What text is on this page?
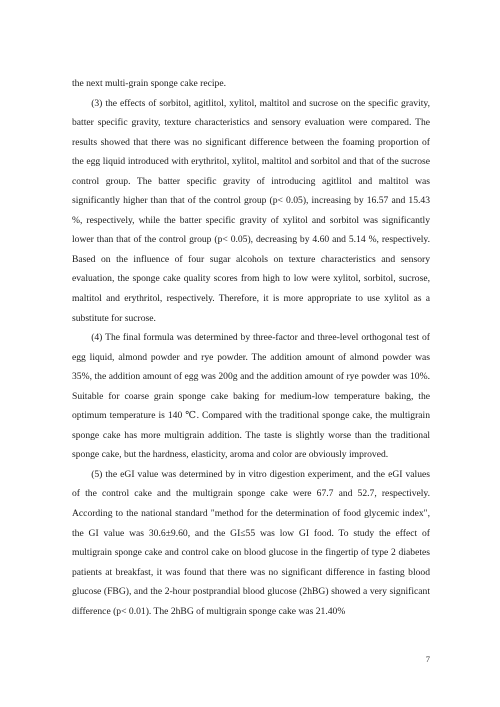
the next multi-grain sponge cake recipe.

(3) the effects of sorbitol, agitlitol, xylitol, maltitol and sucrose on the specific gravity, batter specific gravity, texture characteristics and sensory evaluation were compared. The results showed that there was no significant difference between the foaming proportion of the egg liquid introduced with erythritol, xylitol, maltitol and sorbitol and that of the sucrose control group. The batter specific gravity of introducing agitlitol and maltitol was significantly higher than that of the control group (p< 0.05), increasing by 16.57 and 15.43 %, respectively, while the batter specific gravity of xylitol and sorbitol was significantly lower than that of the control group (p< 0.05), decreasing by 4.60 and 5.14 %, respectively. Based on the influence of four sugar alcohols on texture characteristics and sensory evaluation, the sponge cake quality scores from high to low were xylitol, sorbitol, sucrose, maltitol and erythritol, respectively. Therefore, it is more appropriate to use xylitol as a substitute for sucrose.

(4) The final formula was determined by three-factor and three-level orthogonal test of egg liquid, almond powder and rye powder. The addition amount of almond powder was 35%, the addition amount of egg was 200g and the addition amount of rye powder was 10%. Suitable for coarse grain sponge cake baking for medium-low temperature baking, the optimum temperature is 140 ℃. Compared with the traditional sponge cake, the multigrain sponge cake has more multigrain addition. The taste is slightly worse than the traditional sponge cake, but the hardness, elasticity, aroma and color are obviously improved.

(5) the eGI value was determined by in vitro digestion experiment, and the eGI values of the control cake and the multigrain sponge cake were 67.7 and 52.7, respectively. According to the national standard "method for the determination of food glycemic index", the GI value was 30.6±9.60, and the GI≤55 was low GI food. To study the effect of multigrain sponge cake and control cake on blood glucose in the fingertip of type 2 diabetes patients at breakfast, it was found that there was no significant difference in fasting blood glucose (FBG), and the 2-hour postprandial blood glucose (2hBG) showed a very significant difference (p< 0.01). The 2hBG of multigrain sponge cake was 21.40%

7
